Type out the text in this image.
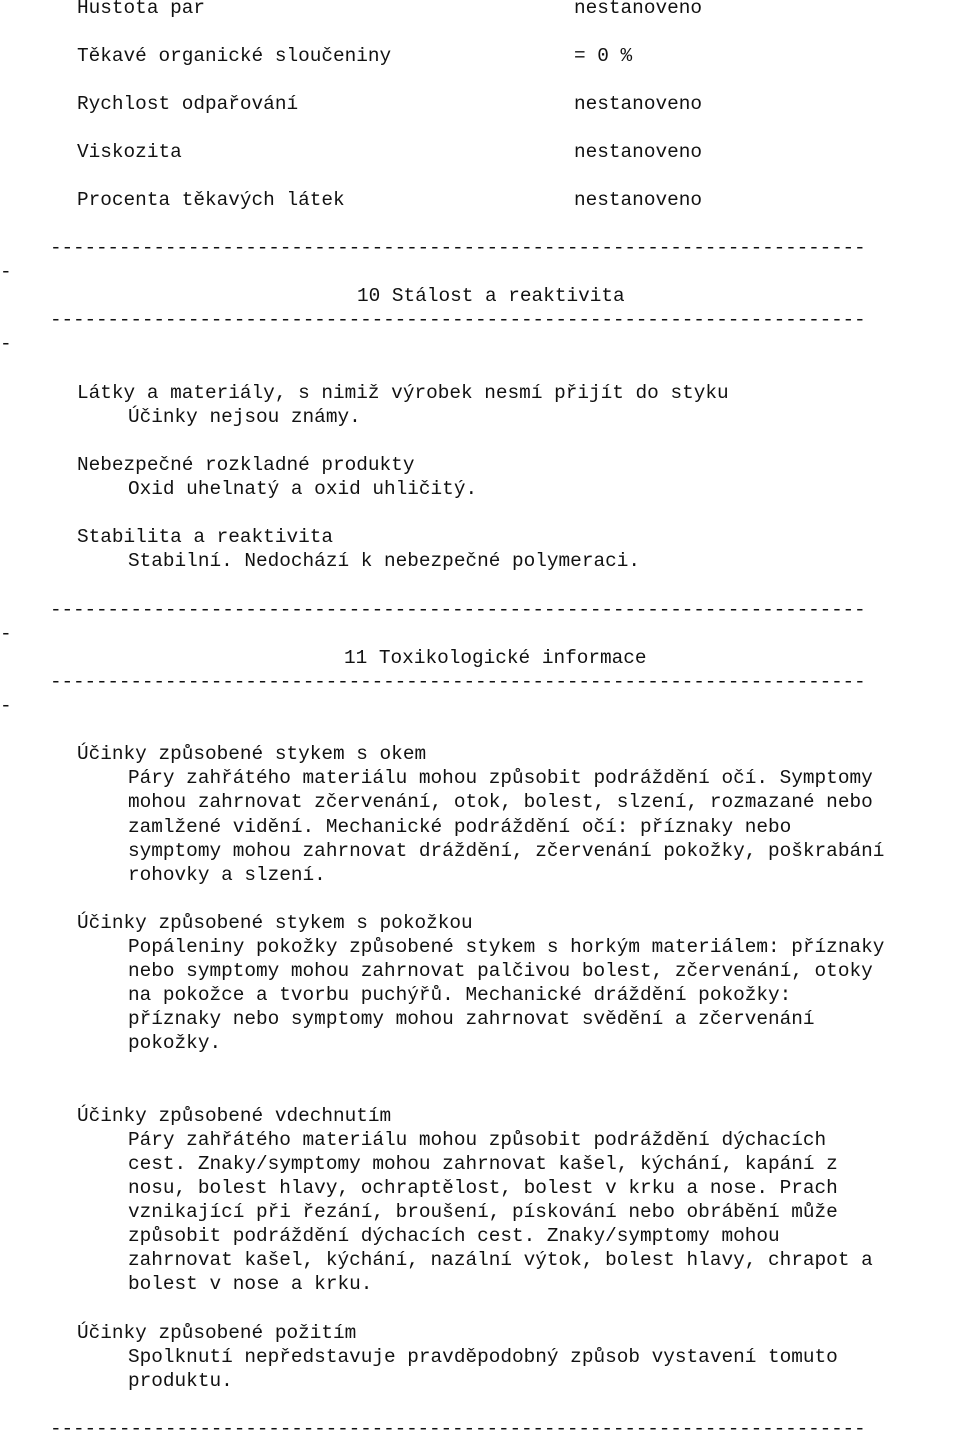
Hustota par	nestanoveno
Těkavé organické sloučeniny	= 0 %
Rychlost odpařování	nestanoveno
Viskozita	nestanoveno
Procenta těkavých látek	nestanoveno
-----------------------------------------------------------------------
-
10 Stálost a reaktivita
-----------------------------------------------------------------------
-
Látky a materiály, s nimiž výrobek nesmí přijít do styku
Účinky nejsou známy.
Nebezpečné rozkladné produkty
Oxid uhelnatý a oxid uhličitý.
Stabilita a reaktivita
Stabilní. Nedochází k nebezpečné polymeraci.
-----------------------------------------------------------------------
-
11 Toxikologické informace
-----------------------------------------------------------------------
-
Účinky způsobené stykem s okem
Páry zahřátého materiálu mohou způsobit podráždění očí. Symptomy
mohou zahrnovat zčervenání, otok, bolest, slzení, rozmazané nebo
zamlžené vidění. Mechanické podráždění očí: příznaky nebo
symptomy mohou zahrnovat dráždění, zčervenání pokožky, poškrabání
rohovky a slzení.
Účinky způsobené stykem s pokožkou
Popáleniny pokožky způsobené stykem s horkým materiálem: příznaky
nebo symptomy mohou zahrnovat palčivou bolest, zčervenání, otoky
na pokožce a tvorbu puchýřů. Mechanické dráždění pokožky:
příznaky nebo symptomy mohou zahrnovat svědění a zčervenání
pokožky.
Účinky způsobené vdechnutím
Páry zahřátého materiálu mohou způsobit podráždění dýchacích
cest. Znaky/symptomy mohou zahrnovat kašel, kýchání, kapání z
nosu, bolest hlavy, ochraptělost, bolest v krku a nose. Prach
vznikající při řezání, broušení, pískování nebo obrábění může
způsobit podráždění dýchacích cest. Znaky/symptomy mohou
zahrnovat kašel, kýchání, nazální výtok, bolest hlavy, chrapot a
bolest v nose a krku.
Účinky způsobené požitím
Spolknutí nepředstavuje pravděpodobný způsob vystavení tomuto
produktu.
-----------------------------------------------------------------------
